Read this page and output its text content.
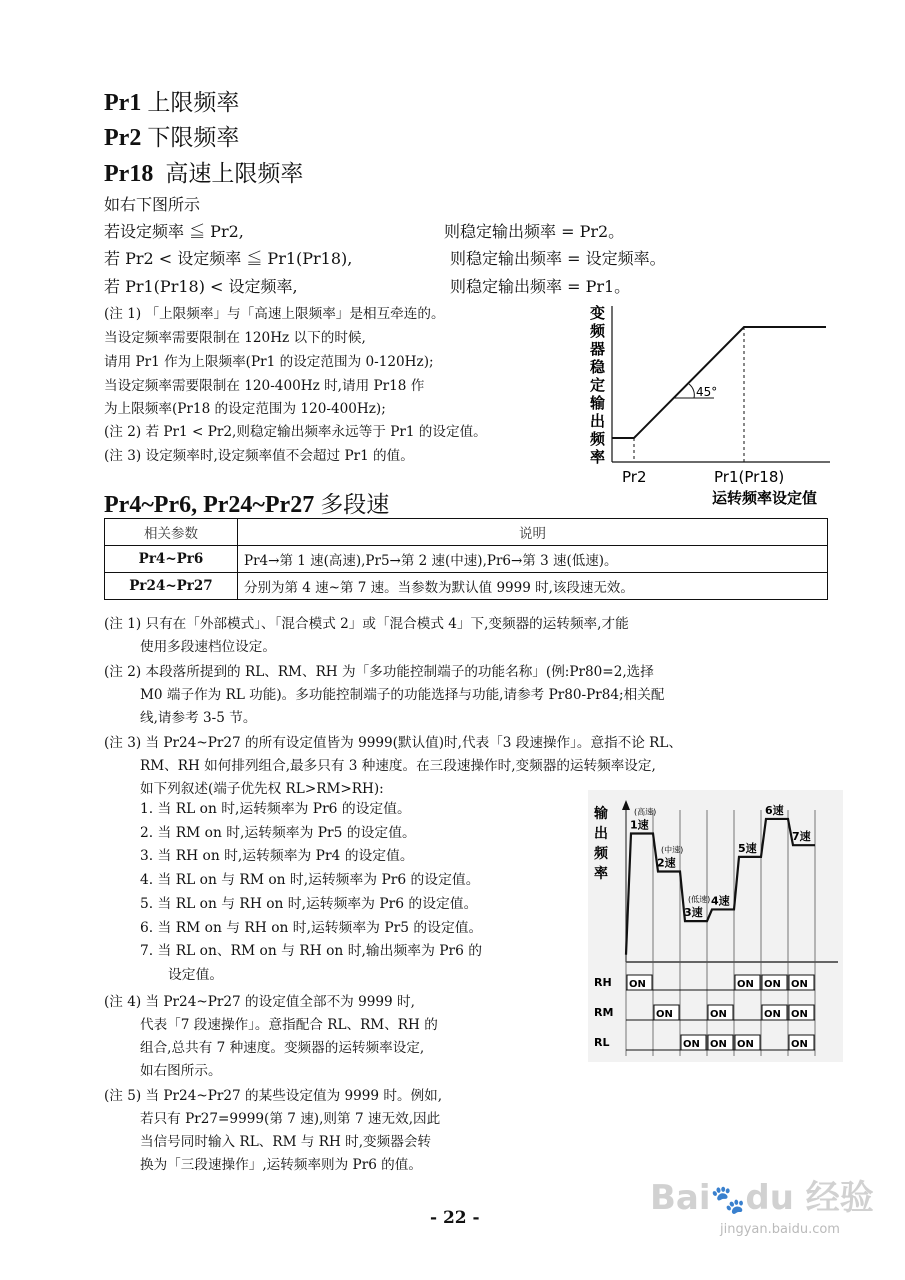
Pr1 上限频率
Pr2 下限频率
Pr18 高速上限频率
如右下图所示
若设定频率 ≦ Pr2,	则稳定输出频率 = Pr2。
若 Pr2 < 设定频率 ≦ Pr1(Pr18),	则稳定输出频率 = 设定频率。
若 Pr1(Pr18) < 设定频率,	则稳定输出频率 = Pr1。
(注 1) 「上限频率」与「高速上限频率」是相互牵连的。
当设定频率需要限制在 120Hz 以下的时候,
请用 Pr1 作为上限频率(Pr1 的设定范围为 0-120Hz);
当设定频率需要限制在 120-400Hz 时,请用 Pr18 作
为上限频率(Pr18 的设定范围为 120-400Hz);
(注 2) 若 Pr1 < Pr2,则稳定输出频率永远等于 Pr1 的设定值。
(注 3) 设定频率时,设定频率值不会超过 Pr1 的值。
变
频
器
稳
定
输
出
频
率
45°
Pr2	Pr1(Pr18)
运转频率设定值
Pr4~Pr6, Pr24~Pr27 多段速
相关参数	说明
Pr4~Pr6	Pr4→第 1 速(高速),Pr5→第 2 速(中速),Pr6→第 3 速(低速)。
Pr24~Pr27	分别为第 4 速~第 7 速。当参数为默认值 9999 时,该段速无效。
(注 1) 只有在「外部模式」、「混合模式 2」或「混合模式 4」下,变频器的运转频率,才能
使用多段速档位设定。
(注 2) 本段落所提到的 RL、RM、RH 为「多功能控制端子的功能名称」(例:Pr80=2,选择
M0 端子作为 RL 功能)。多功能控制端子的功能选择与功能,请参考 Pr80-Pr84;相关配
线,请参考 3-5 节。
(注 3) 当 Pr24~Pr27 的所有设定值皆为 9999(默认值)时,代表「3 段速操作」。意指不论 RL、
RM、RH 如何排列组合,最多只有 3 种速度。在三段速操作时,变频器的运转频率设定,
如下列叙述(端子优先权 RL>RM>RH):
1. 当 RL on 时,运转频率为 Pr6 的设定值。
2. 当 RM on 时,运转频率为 Pr5 的设定值。
3. 当 RH on 时,运转频率为 Pr4 的设定值。
4. 当 RL on 与 RM on 时,运转频率为 Pr6 的设定值。
5. 当 RL on 与 RH on 时,运转频率为 Pr6 的设定值。
6. 当 RM on 与 RH on 时,运转频率为 Pr5 的设定值。
7. 当 RL on、RM on 与 RH on 时,输出频率为 Pr6 的
设定值。
(注 4) 当 Pr24~Pr27 的设定值全部不为 9999 时,
代表「7 段速操作」。意指配合 RL、RM、RH 的
组合,总共有 7 种速度。变频器的运转频率设定,
如右图所示。
(注 5) 当 Pr24~Pr27 的某些设定值为 9999 时。例如,
若只有 Pr27=9999(第 7 速),则第 7 速无效,因此
当信号同时输入 RL、RM 与 RH 时,变频器会转
换为「三段速操作」,运转频率则为 Pr6 的值。
输
出
频
率
1速
2速
3速
4速
5速
6速
7速
(高速)
(中速)
(低速)
RH ON	ON ON ON
RM	ON	ON	ON ON
RL	ON ON ON	ON
- 22 -	Bai🐾du 经验
jingyan.baidu.com
